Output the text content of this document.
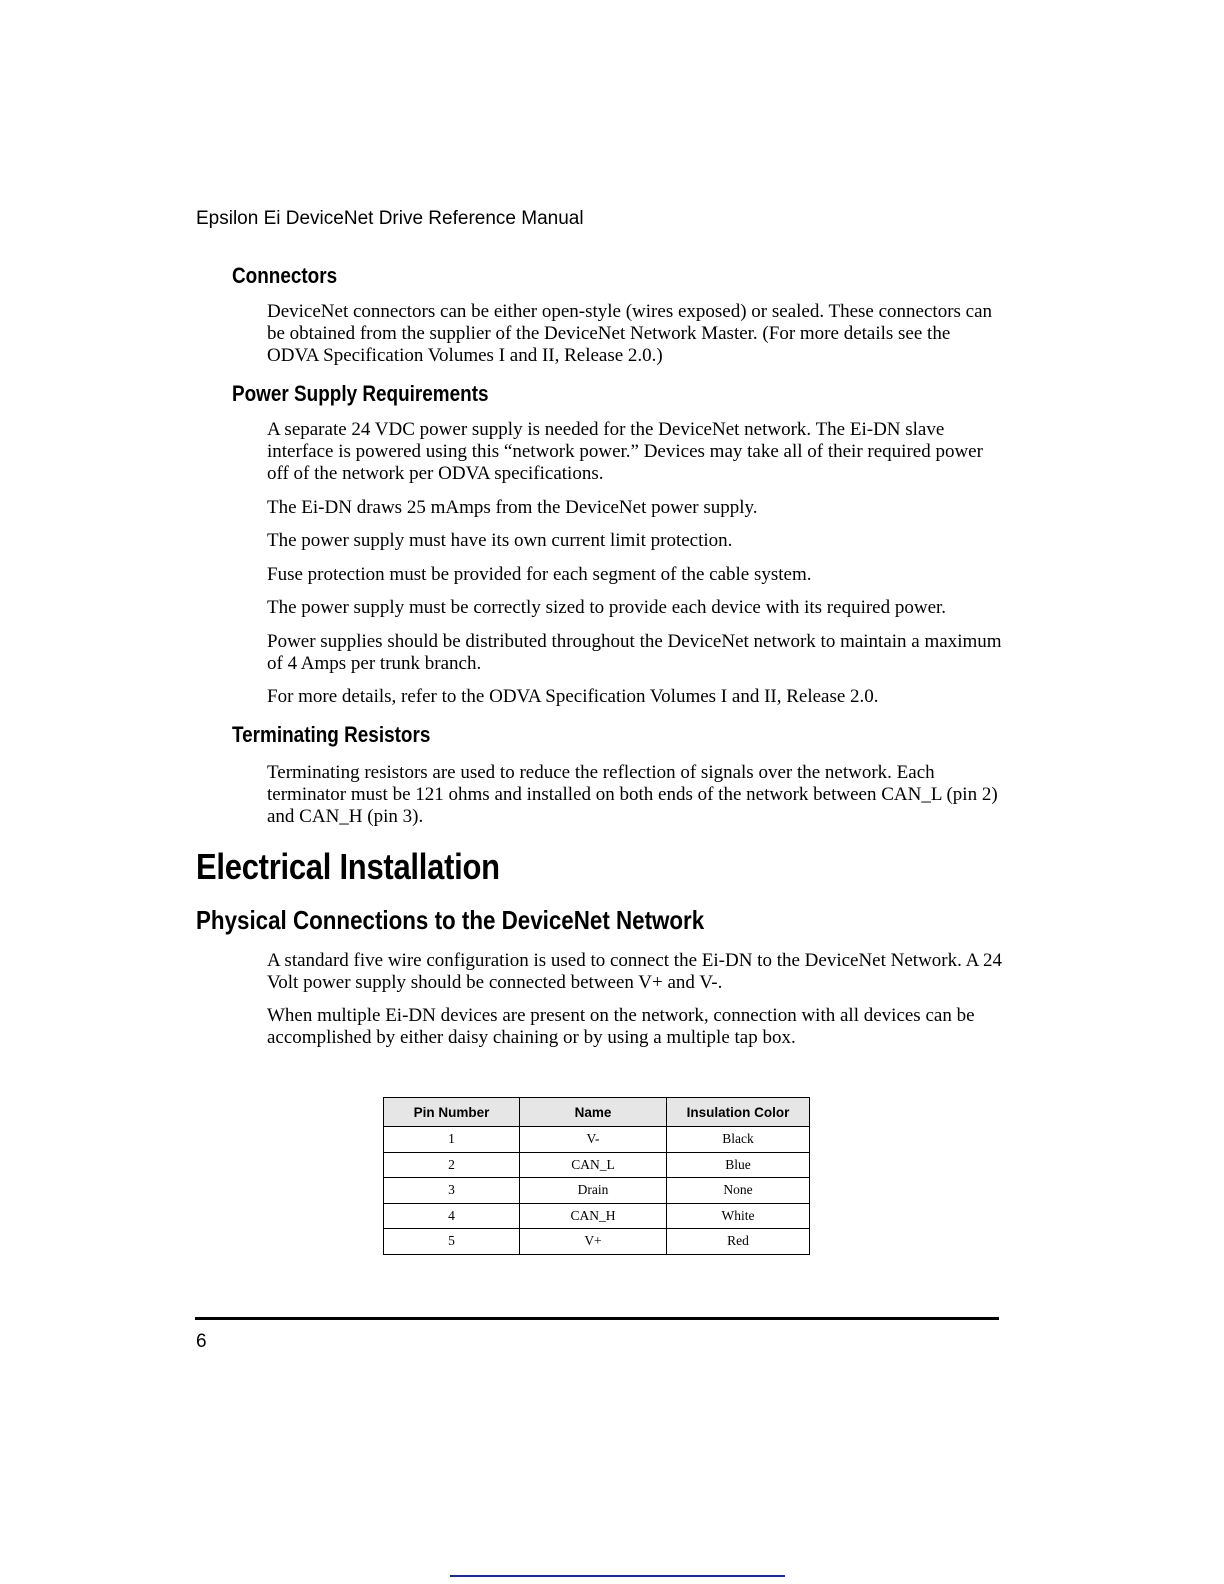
Epsilon Ei DeviceNet Drive Reference Manual
Connectors
DeviceNet connectors can be either open-style (wires exposed) or sealed. These connectors can be obtained from the supplier of the DeviceNet Network Master. (For more details see the ODVA Specification Volumes I and II, Release 2.0.)
Power Supply Requirements
A separate 24 VDC power supply is needed for the DeviceNet network. The Ei-DN slave interface is powered using this “network power.” Devices may take all of their required power off of the network per ODVA specifications.
The Ei-DN draws 25 mAmps from the DeviceNet power supply.
The power supply must have its own current limit protection.
Fuse protection must be provided for each segment of the cable system.
The power supply must be correctly sized to provide each device with its required power.
Power supplies should be distributed throughout the DeviceNet network to maintain a maximum of 4 Amps per trunk branch.
For more details, refer to the ODVA Specification Volumes I and II, Release 2.0.
Terminating Resistors
Terminating resistors are used to reduce the reflection of signals over the network. Each terminator must be 121 ohms and installed on both ends of the network between CAN_L (pin 2) and CAN_H (pin 3).
Electrical Installation
Physical Connections to the DeviceNet Network
A standard five wire configuration is used to connect the Ei-DN to the DeviceNet Network. A 24 Volt power supply should be connected between V+ and V-.
When multiple Ei-DN devices are present on the network, connection with all devices can be accomplished by either daisy chaining or by using a multiple tap box.
Pin Number	Name	Insulation Color
1	V-	Black
2	CAN_L	Blue
3	Drain	None
4	CAN_H	White
5	V+	Red
6
